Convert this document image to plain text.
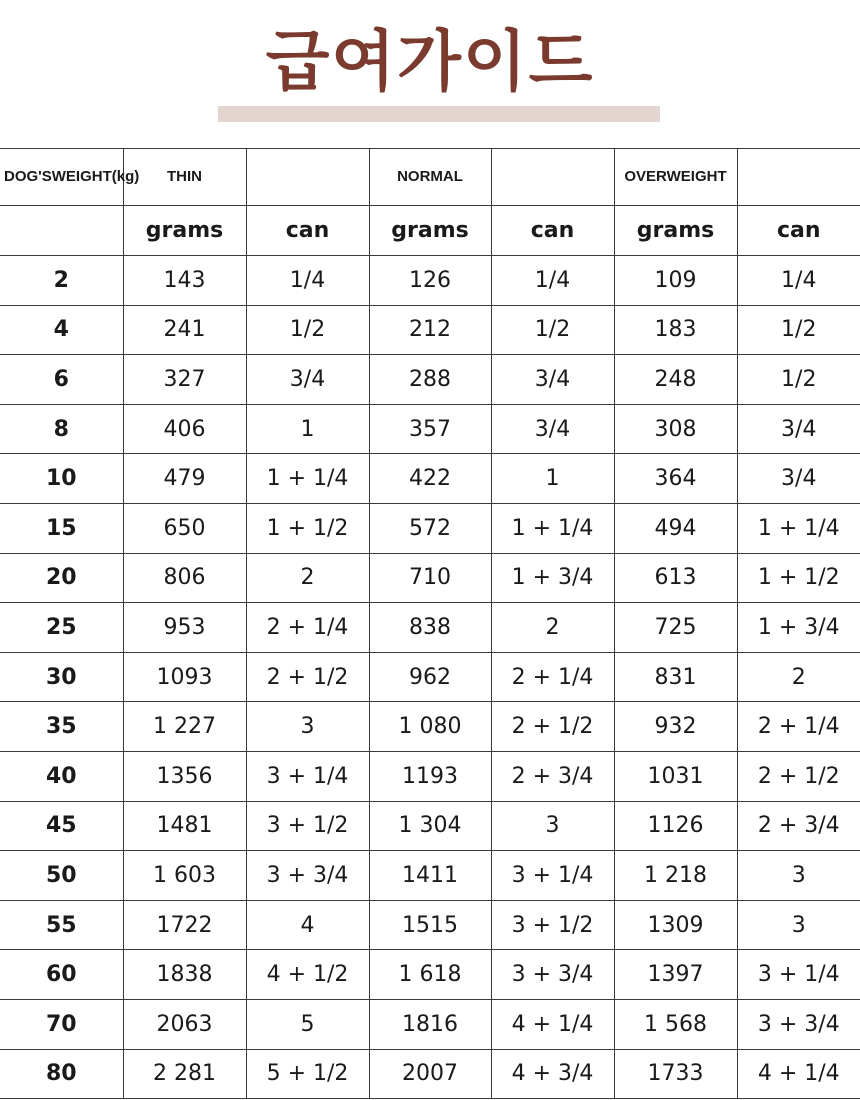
급여가이드
DOG'SWEIGHT(kg)	THIN		NORMAL		OVERWEIGHT	
	grams	can	grams	can	grams	can
2	143	1/4	126	1/4	109	1/4
4	241	1/2	212	1/2	183	1/2
6	327	3/4	288	3/4	248	1/2
8	406	1	357	3/4	308	3/4
10	479	1 + 1/4	422	1	364	3/4
15	650	1 + 1/2	572	1 + 1/4	494	1 + 1/4
20	806	2	710	1 + 3/4	613	1 + 1/2
25	953	2 + 1/4	838	2	725	1 + 3/4
30	1093	2 + 1/2	962	2 + 1/4	831	2
35	1 227	3	1 080	2 + 1/2	932	2 + 1/4
40	1356	3 + 1/4	1193	2 + 3/4	1031	2 + 1/2
45	1481	3 + 1/2	1 304	3	1126	2 + 3/4
50	1 603	3 + 3/4	1411	3 + 1/4	1 218	3
55	1722	4	1515	3 + 1/2	1309	3
60	1838	4 + 1/2	1 618	3 + 3/4	1397	3 + 1/4
70	2063	5	1816	4 + 1/4	1 568	3 + 3/4
80	2 281	5 + 1/2	2007	4 + 3/4	1733	4 + 1/4
